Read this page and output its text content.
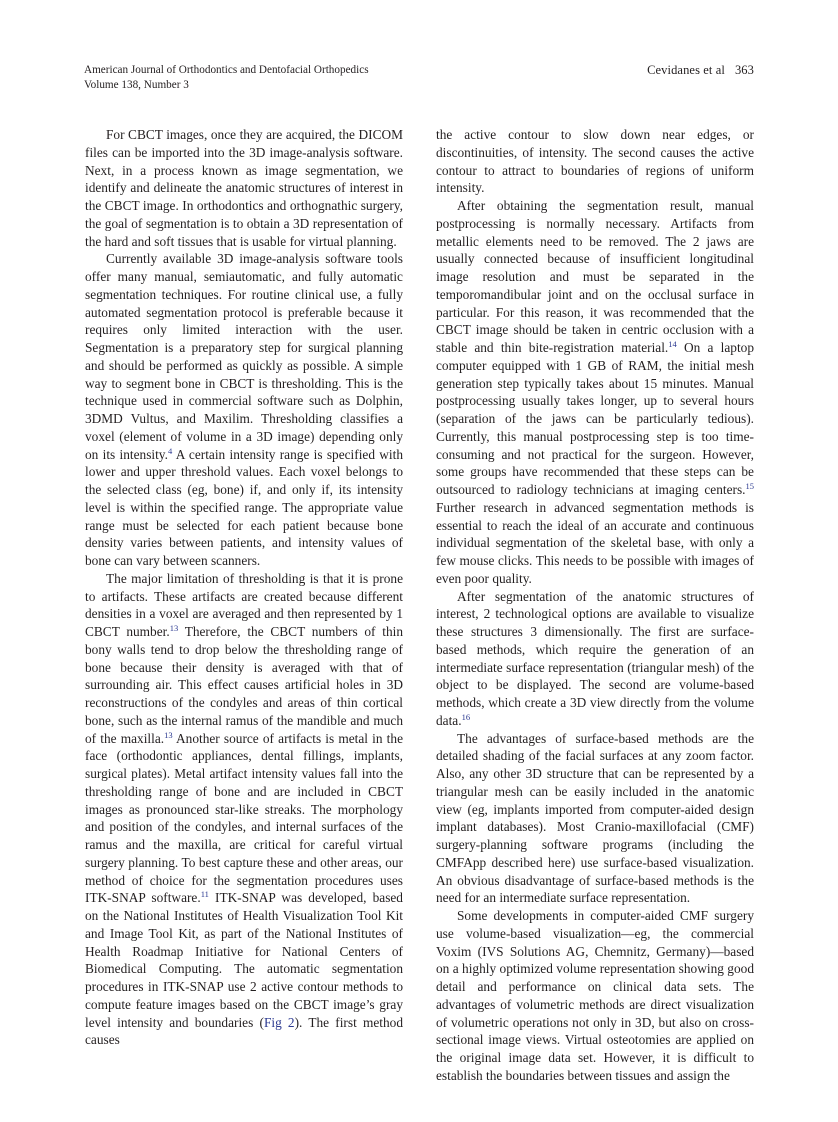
American Journal of Orthodontics and Dentofacial Orthopedics
Volume 138, Number 3
Cevidanes et al 363

For CBCT images, once they are acquired, the DICOM files can be imported into the 3D image-analysis software. Next, in a process known as image segmentation, we identify and delineate the anatomic structures of interest in the CBCT image. In orthodontics and orthognathic surgery, the goal of segmentation is to obtain a 3D representation of the hard and soft tissues that is usable for virtual planning.

Currently available 3D image-analysis software tools offer many manual, semiautomatic, and fully automatic segmentation techniques. For routine clinical use, a fully automated segmentation protocol is preferable because it requires only limited interaction with the user. Segmentation is a preparatory step for surgical planning and should be performed as quickly as possible. A simple way to segment bone in CBCT is thresholding. This is the technique used in commercial software such as Dolphin, 3DMD Vultus, and Maxilim. Thresholding classifies a voxel (element of volume in a 3D image) depending only on its intensity.$^4$ A certain intensity range is specified with lower and upper threshold values. Each voxel belongs to the selected class (eg, bone) if, and only if, its intensity level is within the specified range. The appropriate value range must be selected for each patient because bone density varies between patients, and intensity values of bone can vary between scanners.

The major limitation of thresholding is that it is prone to artifacts. These artifacts are created because different densities in a voxel are averaged and then represented by 1 CBCT number.$^{13}$ Therefore, the CBCT numbers of thin bony walls tend to drop below the thresholding range of bone because their density is averaged with that of surrounding air. This effect causes artificial holes in 3D reconstructions of the condyles and areas of thin cortical bone, such as the internal ramus of the mandible and much of the maxilla.$^{13}$ Another source of artifacts is metal in the face (orthodontic appliances, dental fillings, implants, surgical plates). Metal artifact intensity values fall into the thresholding range of bone and are included in CBCT images as pronounced star-like streaks. The morphology and position of the condyles, and internal surfaces of the ramus and the maxilla, are critical for careful virtual surgery planning. To best capture these and other areas, our method of choice for the segmentation procedures uses ITK-SNAP software.$^{11}$ ITK-SNAP was developed, based on the National Institutes of Health Visualization Tool Kit and Image Tool Kit, as part of the National Institutes of Health Roadmap Initiative for National Centers of Biomedical Computing. The automatic segmentation procedures in ITK-SNAP use 2 active contour methods to compute feature images based on the CBCT image’s gray level intensity and boundaries (Fig 2). The first method causes

the active contour to slow down near edges, or discontinuities, of intensity. The second causes the active contour to attract to boundaries of regions of uniform intensity.

After obtaining the segmentation result, manual postprocessing is normally necessary. Artifacts from metallic elements need to be removed. The 2 jaws are usually connected because of insufficient longitudinal image resolution and must be separated in the temporomandibular joint and on the occlusal surface in particular. For this reason, it was recommended that the CBCT image should be taken in centric occlusion with a stable and thin bite-registration material.$^{14}$ On a laptop computer equipped with 1 GB of RAM, the initial mesh generation step typically takes about 15 minutes. Manual postprocessing usually takes longer, up to several hours (separation of the jaws can be particularly tedious). Currently, this manual postprocessing step is too time-consuming and not practical for the surgeon. However, some groups have recommended that these steps can be outsourced to radiology technicians at imaging centers.$^{15}$ Further research in advanced segmentation methods is essential to reach the ideal of an accurate and continuous individual segmentation of the skeletal base, with only a few mouse clicks. This needs to be possible with images of even poor quality.

After segmentation of the anatomic structures of interest, 2 technological options are available to visualize these structures 3 dimensionally. The first are surface-based methods, which require the generation of an intermediate surface representation (triangular mesh) of the object to be displayed. The second are volume-based methods, which create a 3D view directly from the volume data.$^{16}$

The advantages of surface-based methods are the detailed shading of the facial surfaces at any zoom factor. Also, any other 3D structure that can be represented by a triangular mesh can be easily included in the anatomic view (eg, implants imported from computer-aided design implant databases). Most Cranio-maxillofacial (CMF) surgery-planning software programs (including the CMFApp described here) use surface-based visualization. An obvious disadvantage of surface-based methods is the need for an intermediate surface representation.

Some developments in computer-aided CMF surgery use volume-based visualization—eg, the commercial Voxim (IVS Solutions AG, Chemnitz, Germany)—based on a highly optimized volume representation showing good detail and performance on clinical data sets. The advantages of volumetric methods are direct visualization of volumetric operations not only in 3D, but also on cross-sectional image views. Virtual osteotomies are applied on the original image data set. However, it is difficult to establish the boundaries between tissues and assign the
